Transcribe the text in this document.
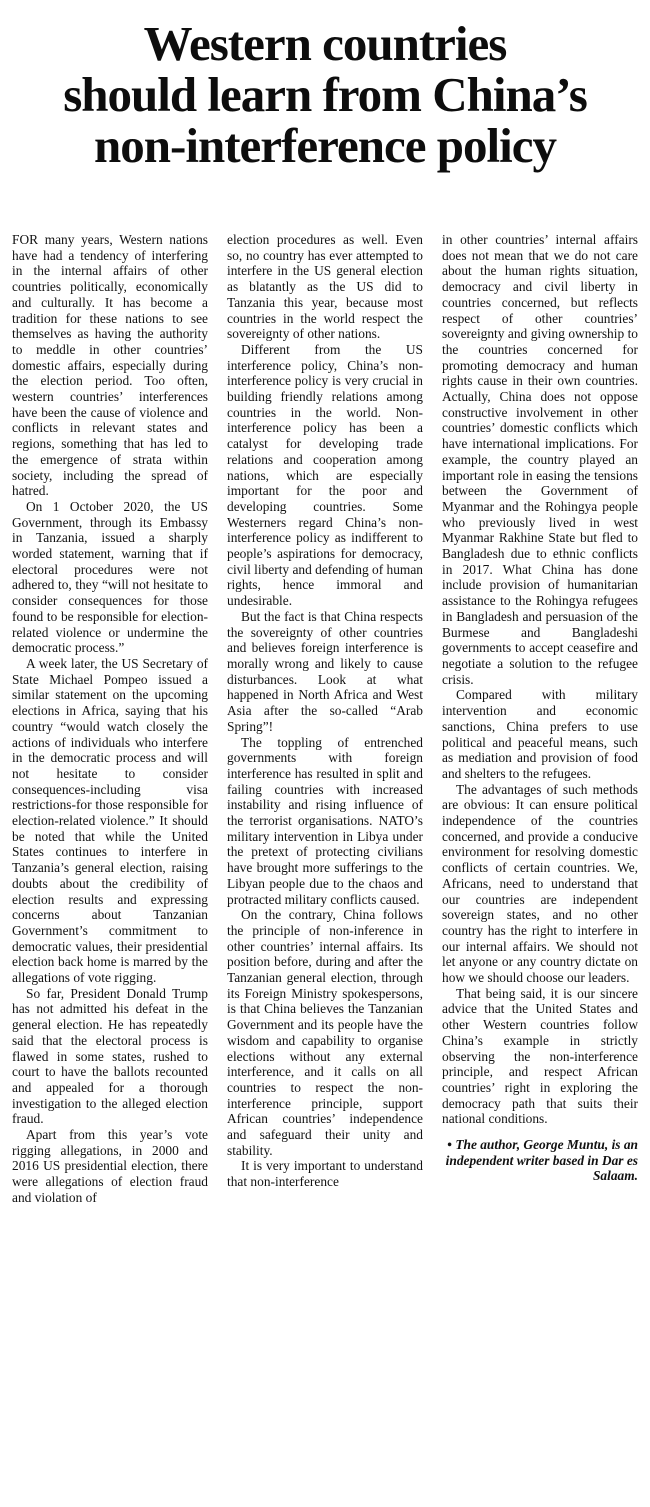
Western countries
should learn from China’s
non-interference policy

FOR many years, Western nations have had a tendency of interfering in the internal affairs of other countries politically, economically and culturally. It has become a tradition for these nations to see themselves as having the authority to meddle in other countries’ domestic affairs, especially during the election period. Too often, western countries’ interferences have been the cause of violence and conflicts in relevant states and regions, something that has led to the emergence of strata within society, including the spread of hatred.

On 1 October 2020, the US Government, through its Embassy in Tanzania, issued a sharply worded statement, warning that if electoral procedures were not adhered to, they “will not hesitate to consider consequences for those found to be responsible for election-related violence or undermine the democratic process.”

A week later, the US Secretary of State Michael Pompeo issued a similar statement on the upcoming elections in Africa, saying that his country “would watch closely the actions of individuals who interfere in the democratic process and will not hesitate to consider consequences-including visa restrictions-for those responsible for election-related violence.” It should be noted that while the United States continues to interfere in Tanzania’s general election, raising doubts about the credibility of election results and expressing concerns about Tanzanian Government’s commitment to democratic values, their presidential election back home is marred by the allegations of vote rigging.

So far, President Donald Trump has not admitted his defeat in the general election. He has repeatedly said that the electoral process is flawed in some states, rushed to court to have the ballots recounted and appealed for a thorough investigation to the alleged election fraud.

Apart from this year’s vote rigging allegations, in 2000 and 2016 US presidential election, there were allegations of election fraud and violation of

election procedures as well. Even so, no country has ever attempted to interfere in the US general election as blatantly as the US did to Tanzania this year, because most countries in the world respect the sovereignty of other nations.

Different from the US interference policy, China’s non-interference policy is very crucial in building friendly relations among countries in the world. Non-interference policy has been a catalyst for developing trade relations and cooperation among nations, which are especially important for the poor and developing countries. Some Westerners regard China’s non-interference policy as indifferent to people’s aspirations for democracy, civil liberty and defending of human rights, hence immoral and undesirable.

But the fact is that China respects the sovereignty of other countries and believes foreign interference is morally wrong and likely to cause disturbances. Look at what happened in North Africa and West Asia after the so-called “Arab Spring”!

The toppling of entrenched governments with foreign interference has resulted in split and failing countries with increased instability and rising influence of the terrorist organisations. NATO’s military intervention in Libya under the pretext of protecting civilians have brought more sufferings to the Libyan people due to the chaos and protracted military conflicts caused.

On the contrary, China follows the principle of non-inference in other countries’ internal affairs. Its position before, during and after the Tanzanian general election, through its Foreign Ministry spokespersons, is that China believes the Tanzanian Government and its people have the wisdom and capability to organise elections without any external interference, and it calls on all countries to respect the non-interference principle, support African countries’ independence and safeguard their unity and stability.

It is very important to understand that non-interference

in other countries’ internal affairs does not mean that we do not care about the human rights situation, democracy and civil liberty in countries concerned, but reflects respect of other countries’ sovereignty and giving ownership to the countries concerned for promoting democracy and human rights cause in their own countries. Actually, China does not oppose constructive involvement in other countries’ domestic conflicts which have international implications. For example, the country played an important role in easing the tensions between the Government of Myanmar and the Rohingya people who previously lived in west Myanmar Rakhine State but fled to Bangladesh due to ethnic conflicts in 2017. What China has done include provision of humanitarian assistance to the Rohingya refugees in Bangladesh and persuasion of the Burmese and Bangladeshi governments to accept ceasefire and negotiate a solution to the refugee crisis.

Compared with military intervention and economic sanctions, China prefers to use political and peaceful means, such as mediation and provision of food and shelters to the refugees.

The advantages of such methods are obvious: It can ensure political independence of the countries concerned, and provide a conducive environment for resolving domestic conflicts of certain countries. We, Africans, need to understand that our countries are independent sovereign states, and no other country has the right to interfere in our internal affairs. We should not let anyone or any country dictate on how we should choose our leaders.

That being said, it is our sincere advice that the United States and other Western countries follow China’s example in strictly observing the non-interference principle, and respect African countries’ right in exploring the democracy path that suits their national conditions.

• The author, George Muntu, is an independent writer based in Dar es Salaam.
